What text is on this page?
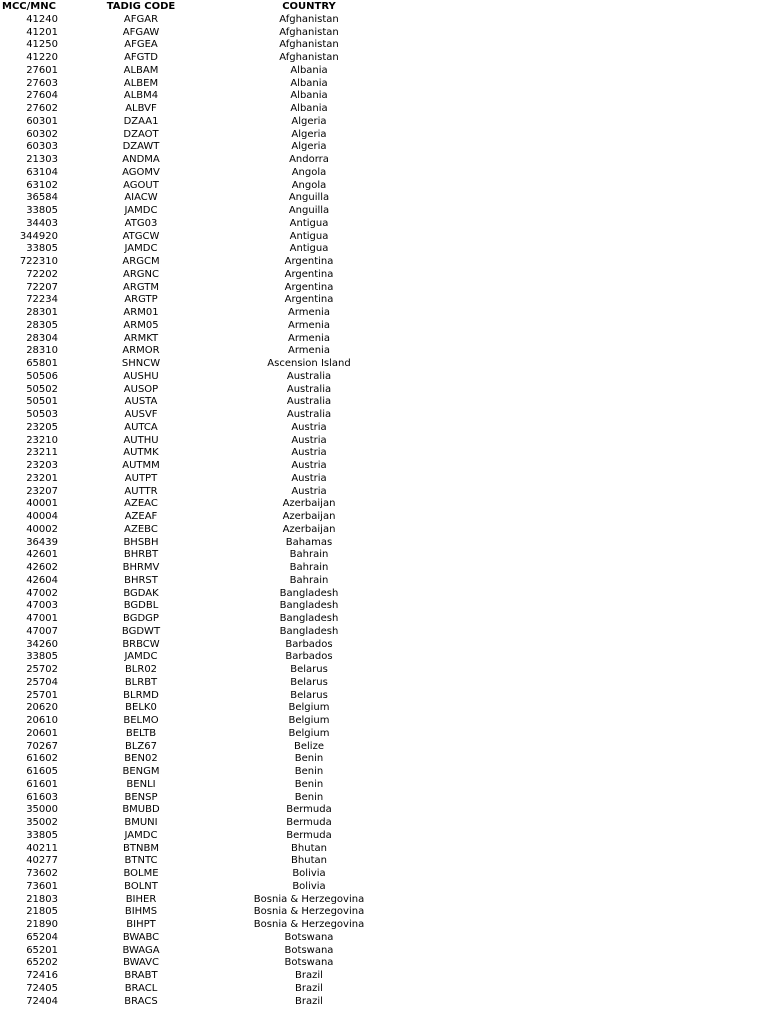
MCC/MNC	TADIG CODE	COUNTRY
41240	AFGAR	Afghanistan
41201	AFGAW	Afghanistan
41250	AFGEA	Afghanistan
41220	AFGTD	Afghanistan
27601	ALBAM	Albania
27603	ALBEM	Albania
27604	ALBM4	Albania
27602	ALBVF	Albania
60301	DZAA1	Algeria
60302	DZAOT	Algeria
60303	DZAWT	Algeria
21303	ANDMA	Andorra
63104	AGOMV	Angola
63102	AGOUT	Angola
36584	AIACW	Anguilla
33805	JAMDC	Anguilla
34403	ATG03	Antigua
344920	ATGCW	Antigua
33805	JAMDC	Antigua
722310	ARGCM	Argentina
72202	ARGNC	Argentina
72207	ARGTM	Argentina
72234	ARGTP	Argentina
28301	ARM01	Armenia
28305	ARM05	Armenia
28304	ARMKT	Armenia
28310	ARMOR	Armenia
65801	SHNCW	Ascension Island
50506	AUSHU	Australia
50502	AUSOP	Australia
50501	AUSTA	Australia
50503	AUSVF	Australia
23205	AUTCA	Austria
23210	AUTHU	Austria
23211	AUTMK	Austria
23203	AUTMM	Austria
23201	AUTPT	Austria
23207	AUTTR	Austria
40001	AZEAC	Azerbaijan
40004	AZEAF	Azerbaijan
40002	AZEBC	Azerbaijan
36439	BHSBH	Bahamas
42601	BHRBT	Bahrain
42602	BHRMV	Bahrain
42604	BHRST	Bahrain
47002	BGDAK	Bangladesh
47003	BGDBL	Bangladesh
47001	BGDGP	Bangladesh
47007	BGDWT	Bangladesh
34260	BRBCW	Barbados
33805	JAMDC	Barbados
25702	BLR02	Belarus
25704	BLRBT	Belarus
25701	BLRMD	Belarus
20620	BELK0	Belgium
20610	BELMO	Belgium
20601	BELTB	Belgium
70267	BLZ67	Belize
61602	BEN02	Benin
61605	BENGM	Benin
61601	BENLI	Benin
61603	BENSP	Benin
35000	BMUBD	Bermuda
35002	BMUNI	Bermuda
33805	JAMDC	Bermuda
40211	BTNBM	Bhutan
40277	BTNTC	Bhutan
73602	BOLME	Bolivia
73601	BOLNT	Bolivia
21803	BIHER	Bosnia & Herzegovina
21805	BIHMS	Bosnia & Herzegovina
21890	BIHPT	Bosnia & Herzegovina
65204	BWABC	Botswana
65201	BWAGA	Botswana
65202	BWAVC	Botswana
72416	BRABT	Brazil
72405	BRACL	Brazil
72404	BRACS	Brazil
